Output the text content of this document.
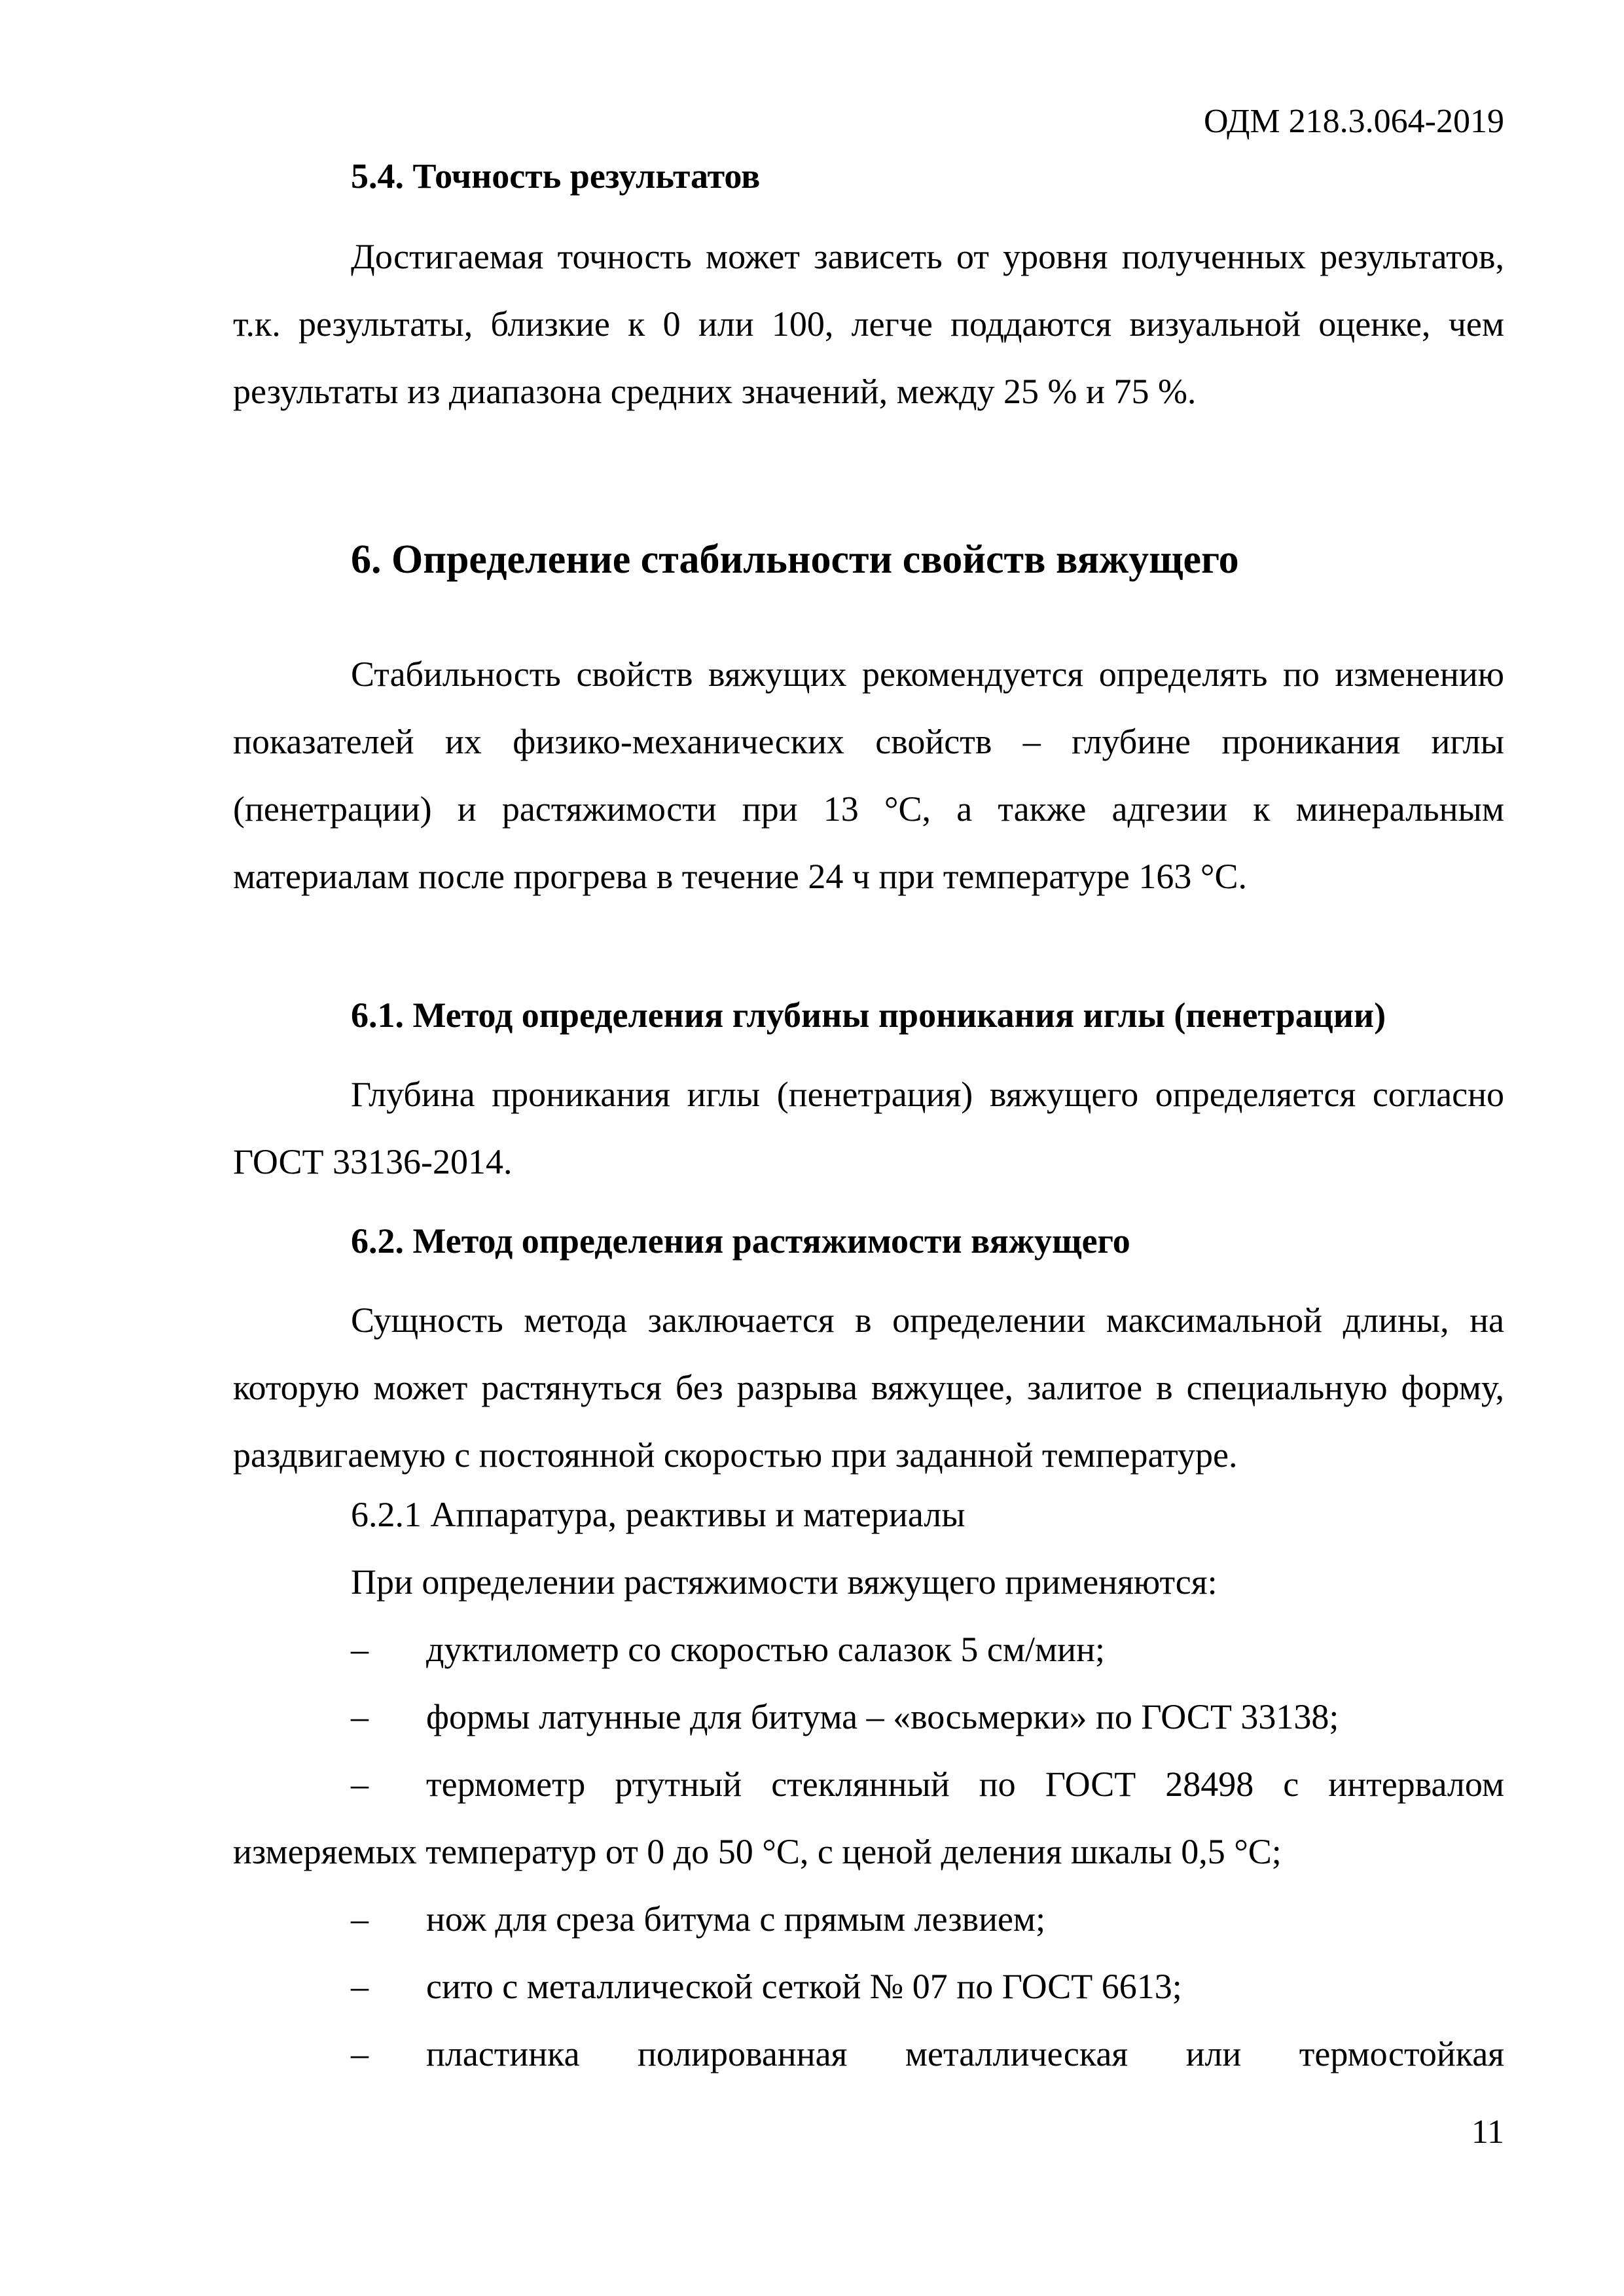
ОДМ 218.3.064-2019

5.4. Точность результатов

Достигаемая точность может зависеть от уровня полученных результатов, т.к. результаты, близкие к 0 или 100, легче поддаются визуальной оценке, чем результаты из диапазона средних значений, между 25 % и 75 %.

6. Определение стабильности свойств вяжущего

Стабильность свойств вяжущих рекомендуется определять по изменению показателей их физико-механических свойств – глубине проникания иглы (пенетрации) и растяжимости при 13 °С, а также адгезии к минеральным материалам после прогрева в течение 24 ч при температуре 163 °С.

6.1. Метод определения глубины проникания иглы (пенетрации)

Глубина проникания иглы (пенетрация) вяжущего определяется согласно ГОСТ 33136-2014.

6.2. Метод определения растяжимости вяжущего

Сущность метода заключается в определении максимальной длины, на которую может растянуться без разрыва вяжущее, залитое в специальную форму, раздвигаемую с постоянной скоростью при заданной температуре.

6.2.1 Аппаратура, реактивы и материалы

При определении растяжимости вяжущего применяются:

– дуктилометр со скоростью салазок 5 см/мин;

– формы латунные для битума – «восьмерки» по ГОСТ 33138;

– термометр ртутный стеклянный по ГОСТ 28498 с интервалом измеряемых температур от 0 до 50 °С, с ценой деления шкалы 0,5 °С;

– нож для среза битума с прямым лезвием;

– сито с металлической сеткой № 07 по ГОСТ 6613;

– пластинка полированная металлическая или термостойкая

11
